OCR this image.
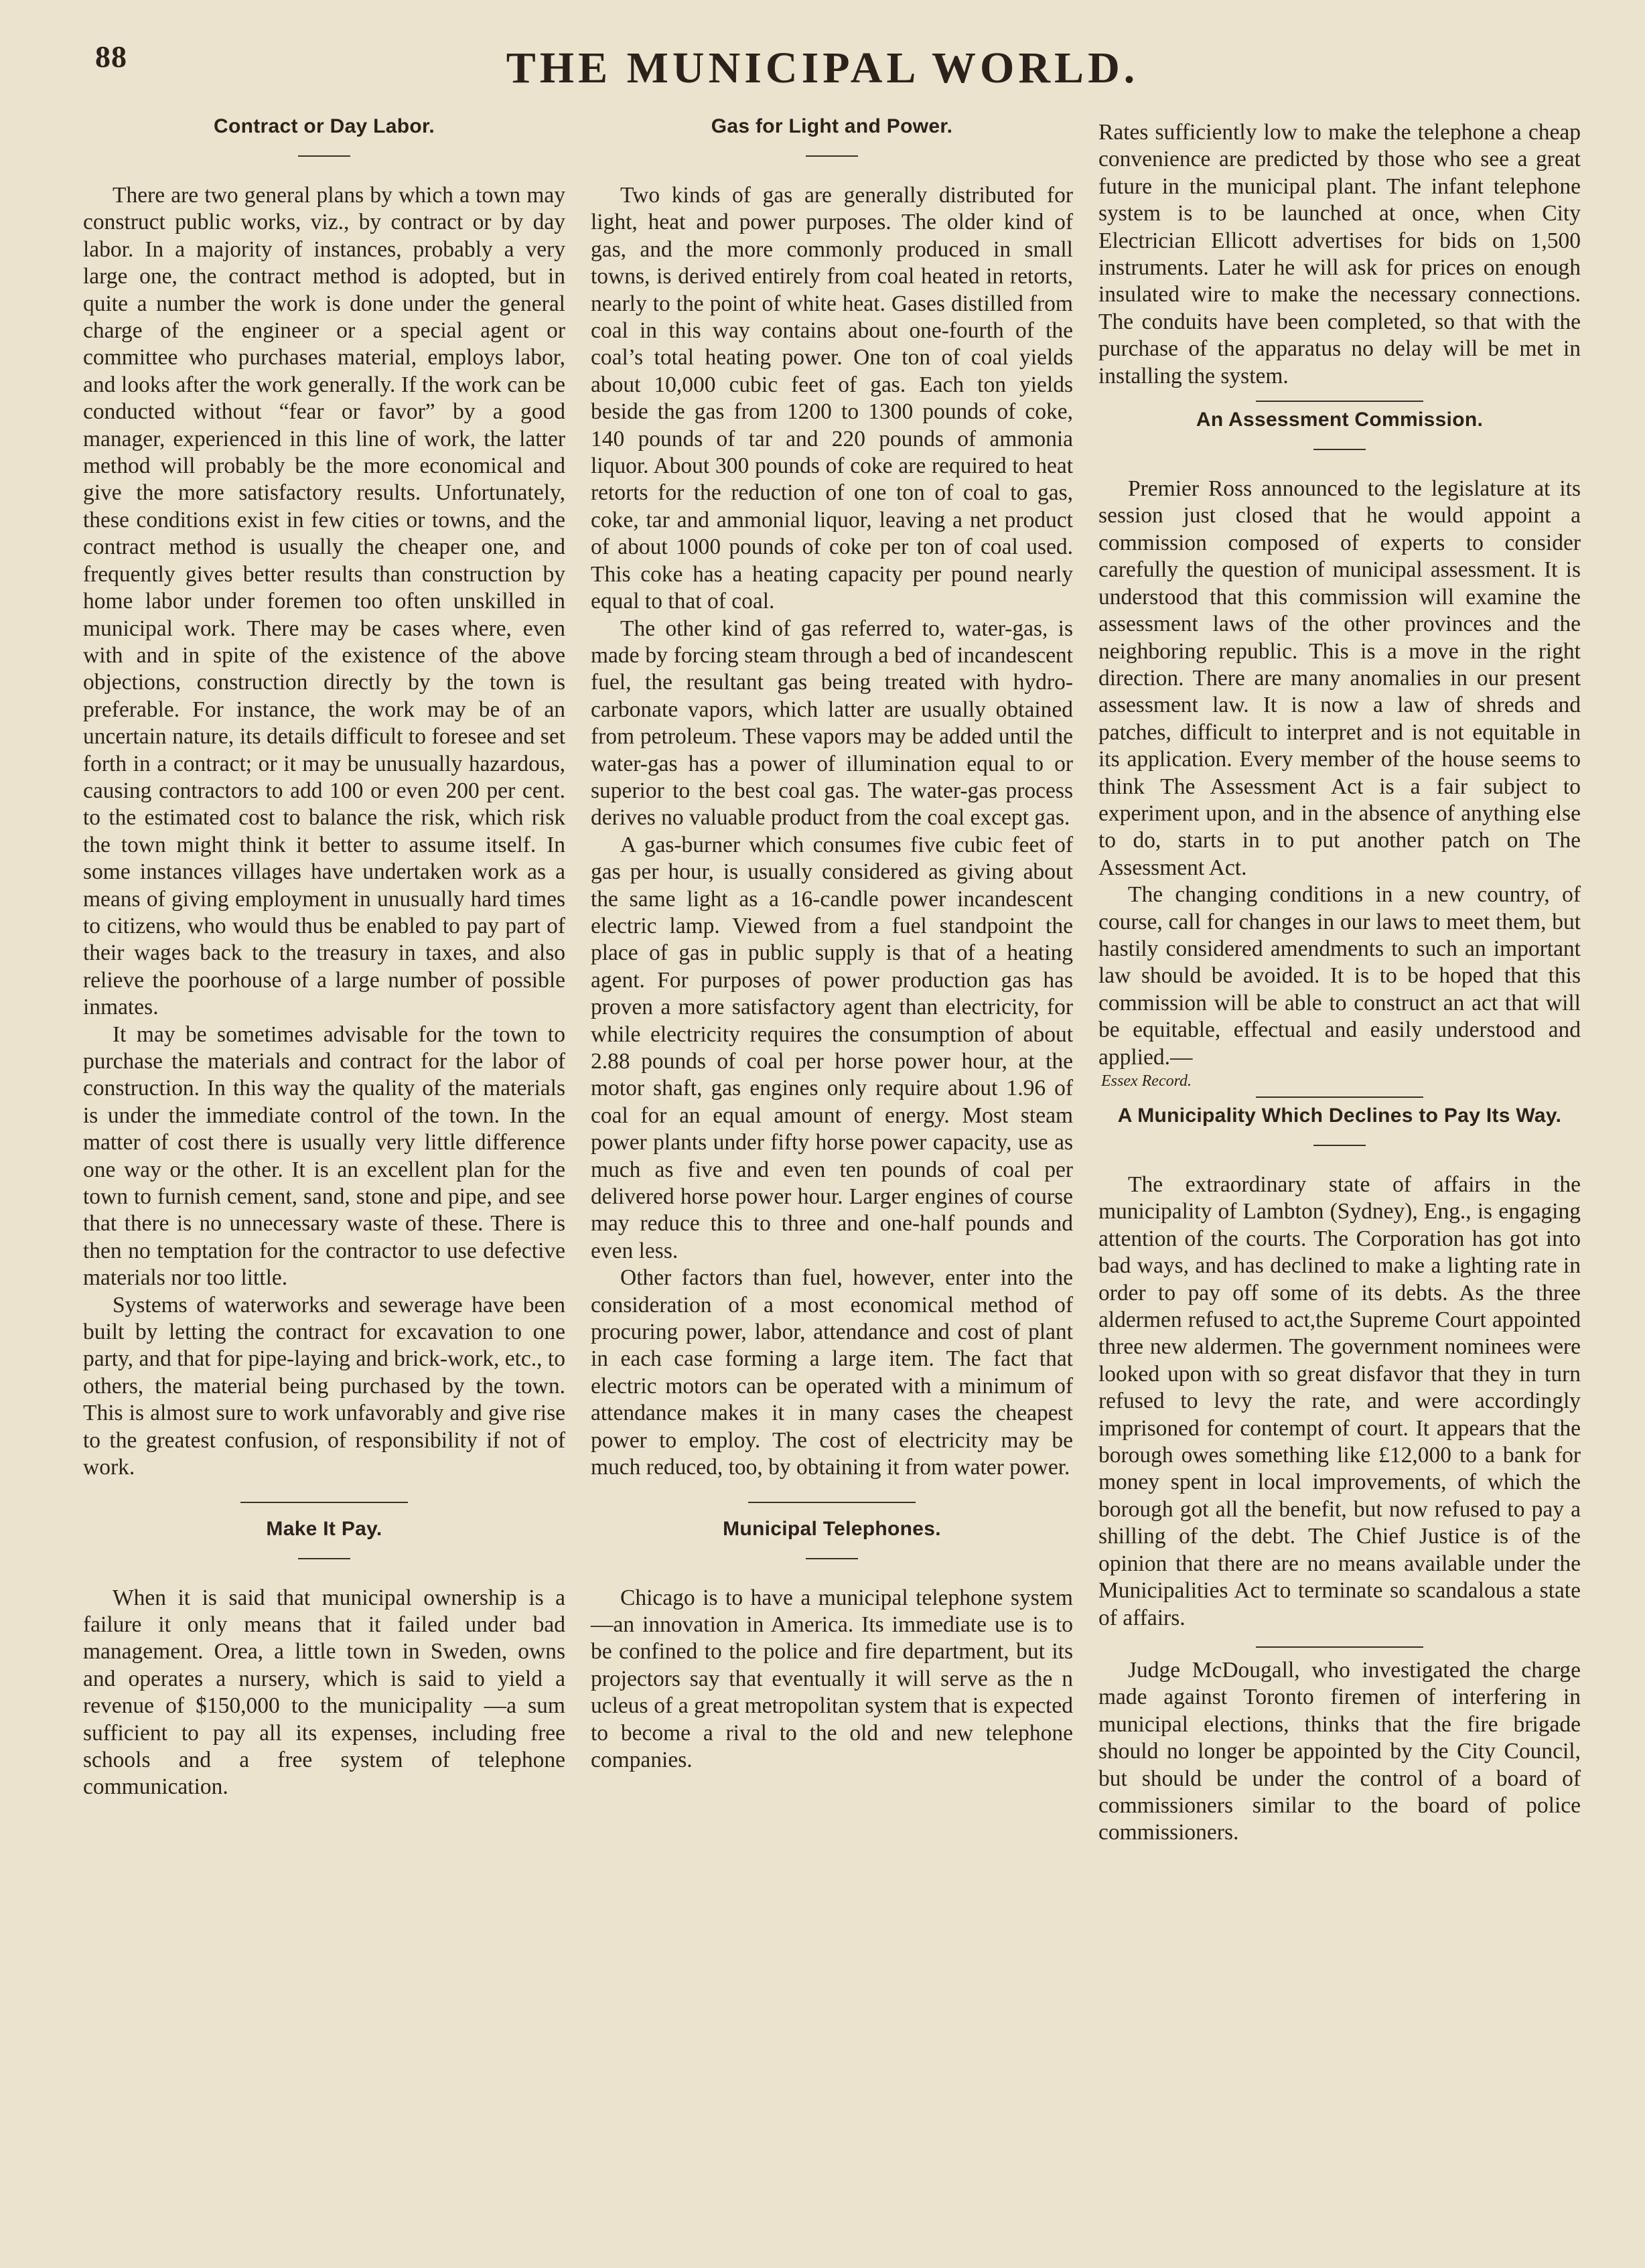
88	THE MUNICIPAL WORLD.
Contract or Day Labor.

There are two general plans by which a town may construct public works, viz., by contract or by day labor. In a majority of instances, probably a very large one, the contract method is adopted, but in quite a number the work is done under the general charge of the engineer or a special agent or committee who purchases material, employs labor, and looks after the work generally. If the work can be conducted without “fear or favor” by a good manager, experienced in this line of work, the latter method will probably be the more economical and give the more satisfactory results. Unfortunately, these conditions exist in few cities or towns, and the contract method is usually the cheaper one, and frequently gives better results than construction by home labor under foremen too often unskilled in municipal work. There may be cases where, even with and in spite of the existence of the above objections, construction directly by the town is preferable. For instance, the work may be of an uncertain nature, its details difficult to foresee and set forth in a contract; or it may be unusually hazardous, causing contractors to add 100 or even 200 per cent. to the estimated cost to balance the risk, which risk the town might think it better to assume itself. In some instances villages have undertaken work as a means of giving employment in unusually hard times to citizens, who would thus be enabled to pay part of their wages back to the treasury in taxes, and also relieve the poorhouse of a large number of possible inmates.

It may be sometimes advisable for the town to purchase the materials and contract for the labor of construction. In this way the quality of the materials is under the immediate control of the town. In the matter of cost there is usually very little difference one way or the other. It is an excellent plan for the town to furnish cement, sand, stone and pipe, and see that there is no unnecessary waste of these. There is then no temptation for the contractor to use defective materials nor too little.

Systems of waterworks and sewerage have been built by letting the contract for excavation to one party, and that for pipe-laying and brick-work, etc., to others, the material being purchased by the town. This is almost sure to work unfavorably and give rise to the greatest confusion, of responsibility if not of work.

Make It Pay.

When it is said that municipal ownership is a failure it only means that it failed under bad management. Orea, a little town in Sweden, owns and operates a nursery, which is said to yield a revenue of $150,000 to the municipality —a sum sufficient to pay all its expenses, including free schools and a free system of telephone communication.

Gas for Light and Power.

Two kinds of gas are generally distributed for light, heat and power purposes. The older kind of gas, and the more commonly produced in small towns, is derived entirely from coal heated in retorts, nearly to the point of white heat. Gases distilled from coal in this way contains about one-fourth of the coal’s total heating power. One ton of coal yields about 10,000 cubic feet of gas. Each ton yields beside the gas from 1200 to 1300 pounds of coke, 140 pounds of tar and 220 pounds of ammonia liquor. About 300 pounds of coke are required to heat retorts for the reduction of one ton of coal to gas, coke, tar and ammonial liquor, leaving a net product of about 1000 pounds of coke per ton of coal used. This coke has a heating capacity per pound nearly equal to that of coal.

The other kind of gas referred to, water-gas, is made by forcing steam through a bed of incandescent fuel, the resultant gas being treated with hydro-carbonate vapors, which latter are usually obtained from petroleum. These vapors may be added until the water-gas has a power of illumination equal to or superior to the best coal gas. The water-gas process derives no valuable product from the coal except gas.

A gas-burner which consumes five cubic feet of gas per hour, is usually considered as giving about the same light as a 16-candle power incandescent electric lamp. Viewed from a fuel standpoint the place of gas in public supply is that of a heating agent. For purposes of power production gas has proven a more satisfactory agent than electricity, for while electricity requires the consumption of about 2.88 pounds of coal per horse power hour, at the motor shaft, gas engines only require about 1.96 of coal for an equal amount of energy. Most steam power plants under fifty horse power capacity, use as much as five and even ten pounds of coal per delivered horse power hour. Larger engines of course may reduce this to three and one-half pounds and even less.

Other factors than fuel, however, enter into the consideration of a most economical method of procuring power, labor, attendance and cost of plant in each case forming a large item. The fact that electric motors can be operated with a minimum of attendance makes it in many cases the cheapest power to employ. The cost of electricity may be much reduced, too, by obtaining it from water power.

Municipal Telephones.

Chicago is to have a municipal telephone system—an innovation in America. Its immediate use is to be confined to the police and fire department, but its projectors say that eventually it will serve as the n ucleus of a great metropolitan system that is expected to become a rival to the old and new telephone companies.

Rates sufficiently low to make the telephone a cheap convenience are predicted by those who see a great future in the municipal plant. The infant telephone system is to be launched at once, when City Electrician Ellicott advertises for bids on 1,500 instruments. Later he will ask for prices on enough insulated wire to make the necessary connections. The conduits have been completed, so that with the purchase of the apparatus no delay will be met in installing the system.

An Assessment Commission.

Premier Ross announced to the legislature at its session just closed that he would appoint a commission composed of experts to consider carefully the question of municipal assessment. It is understood that this commission will examine the assessment laws of the other provinces and the neighboring republic. This is a move in the right direction. There are many anomalies in our present assessment law. It is now a law of shreds and patches, difficult to interpret and is not equitable in its application. Every member of the house seems to think The Assessment Act is a fair subject to experiment upon, and in the absence of anything else to do, starts in to put another patch on The Assessment Act.

The changing conditions in a new country, of course, call for changes in our laws to meet them, but hastily considered amendments to such an important law should be avoided. It is to be hoped that this commission will be able to construct an act that will be equitable, effectual and easily understood and applied.—

Essex Record.
A Municipality Which Declines to Pay Its Way.

The extraordinary state of affairs in the municipality of Lambton (Sydney), Eng., is engaging attention of the courts. The Corporation has got into bad ways, and has declined to make a lighting rate in order to pay off some of its debts. As the three aldermen refused to act,the Supreme Court appointed three new aldermen. The government nominees were looked upon with so great disfavor that they in turn refused to levy the rate, and were accordingly imprisoned for contempt of court. It appears that the borough owes something like £12,000 to a bank for money spent in local improvements, of which the borough got all the benefit, but now refused to pay a shilling of the debt. The Chief Justice is of the opinion that there are no means available under the Municipalities Act to terminate so scandalous a state of affairs.

Judge McDougall, who investigated the charge made against Toronto firemen of interfering in municipal elections, thinks that the fire brigade should no longer be appointed by the City Council, but should be under the control of a board of commissioners similar to the board of police commissioners.
